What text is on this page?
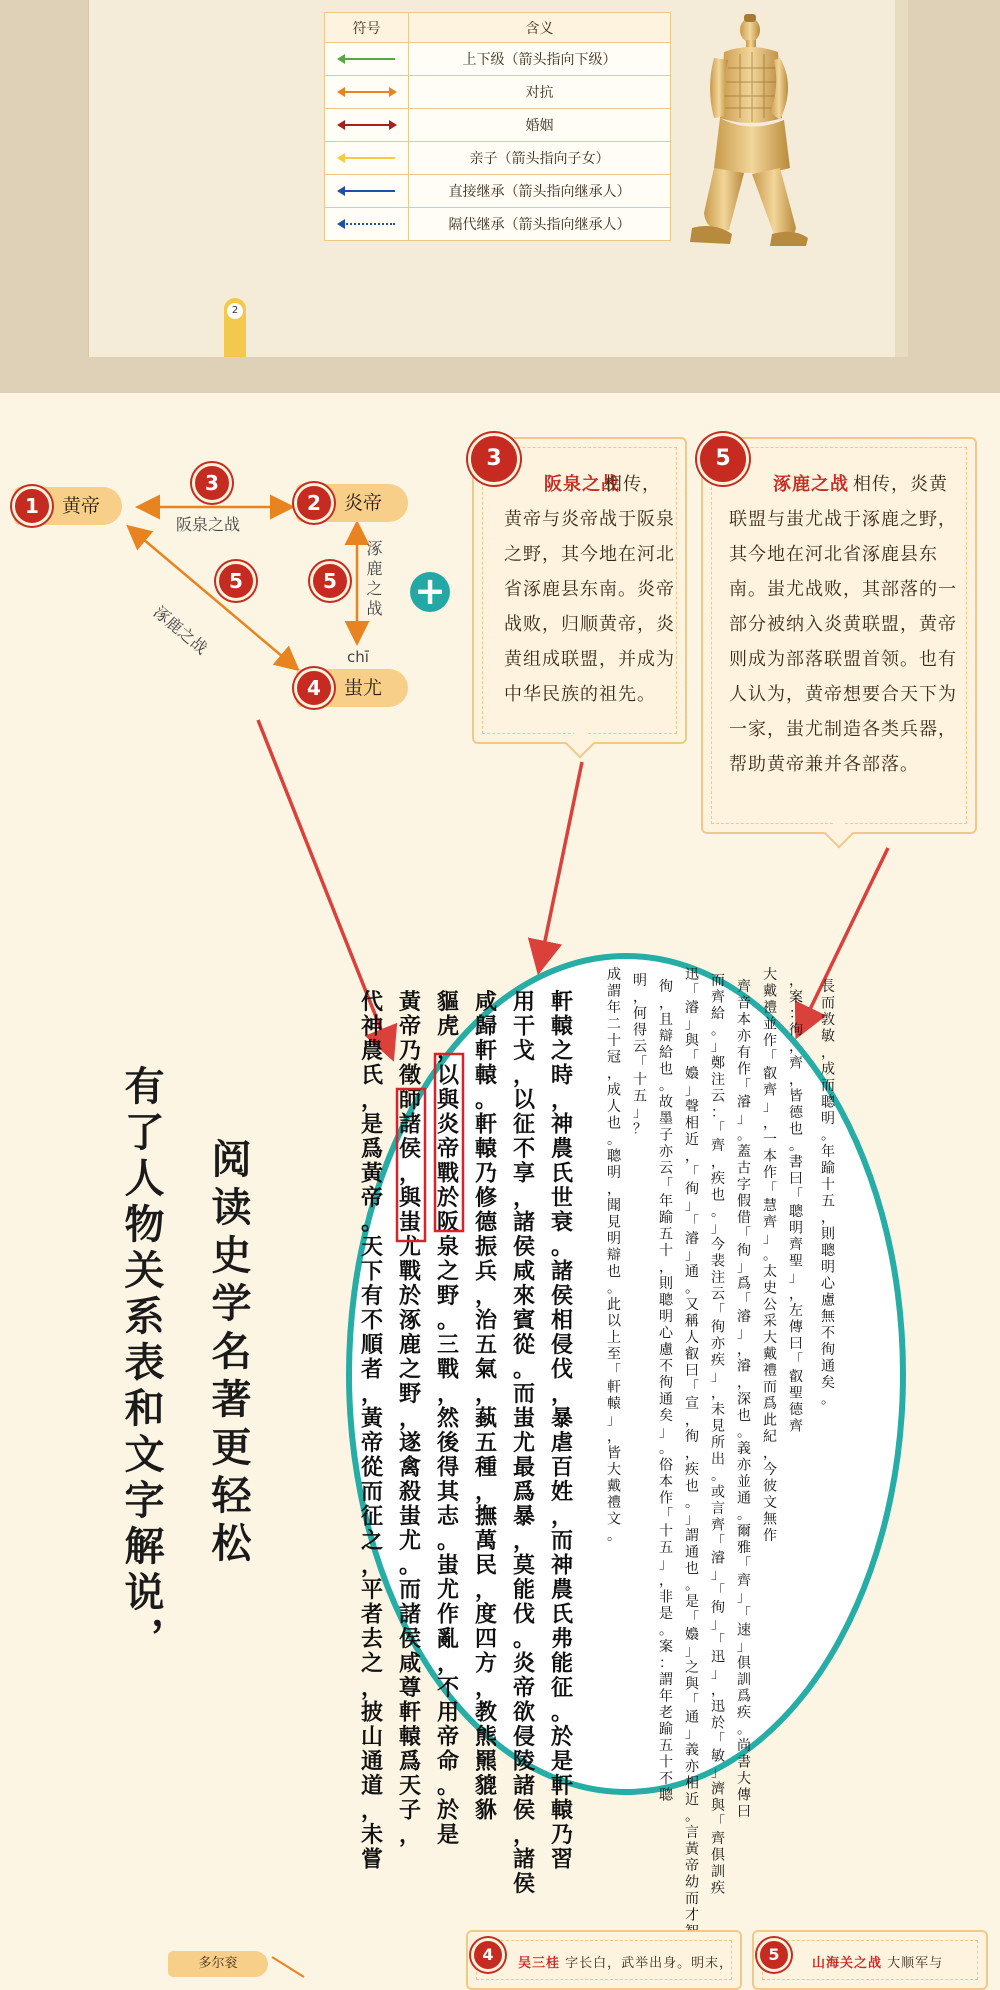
符号	含义

	上下级（箭头指向下级）

	对抗

	婚姻

	亲子（箭头指向子女）

	直接继承（箭头指向继承人）

	隔代继承（箭头指向继承人）
2
1	黄帝	2	炎帝
4	蚩尤
3
阪泉之战
5
涿鹿之战
5	涿鹿之战
chī
+
3

阪泉之战

相传，黄帝与炎帝战于阪泉之野，其今地在河北省涿鹿县东南。炎帝战败，归顺黄帝，炎黄组成联盟，并成为中华民族的祖先。

5

涿鹿之战 相传，炎黄联盟与蚩尤战于涿鹿之野，其今地在河北省涿鹿县东南。蚩尤战败，其部落的一部分被纳入炎黄联盟，黄帝则成为部落联盟首领。也有人认为，黄帝想要合天下为一家，蚩尤制造各类兵器，帮助黄帝兼并各部落。

阅读史学名著更轻松
有了人物关系表和文字解说，
軒
轅
之
時
，
神
農
氏
世
衰
。
諸
侯
相
侵
伐
，
暴
虐
百
姓
，
而
神
農
氏
弗
能
征
。
於
是
軒
轅
乃
習
用
干
戈
，
以
征
不
享
，
諸
侯
咸
來
賓
從
。
而
蚩
尤
最
爲
暴
，
莫
能
伐
。
炎
帝
欲
侵
陵
諸
侯
，
諸
侯
咸
歸
軒
轅
。
軒
轅
乃
修
德
振
兵
，
治
五
氣
，
蓺
五
種
，
撫
萬
民
，
度
四
方
，
教
熊
羆
貔
貅
貙
虎
，
以
與
炎
帝
戰
於
阪
泉
之
野
。
三
戰
，
然
後
得
其
志
。
蚩
尤
作
亂
，
不
用
帝
命
。
於
是
黃
帝
乃
徵
師
諸
侯
，
與
蚩
尤
戰
於
涿
鹿
之
野
，
遂
禽
殺
蚩
尤
。
而
諸
侯
咸
尊
軒
轅
爲
天
子
，
代
神
農
氏
，
是
爲
黃
帝
。
天
下
有
不
順
者
，
黃
帝
從
而
征
之
，
平
者
去
之
，
披
山
通
道
，
未
嘗
成
謂
年
二
十
冠
，
成
人
也
。
聰
明
，
聞
見
明
辯
也
。
此
以
上
至
「
軒
轅
」
，
皆
大
戴
禮
文
。
明
，
何
得
云
「
十
五
」
？
徇
，
且
辯
給
也
。
故
墨
子
亦
云
「
年
踰
五
十
，
則
聰
明
心
慮
不
徇
通
矣
」
。
俗
本
作
「
十
五
」
，
非
是
。
案
：
謂
年
老
踰
五
十
不
聰
迅
「
濬
」
與
「
嬝
」
聲
相
近
，
「
徇
」
「
濬
」
通
。
又
稱
人
叡
曰
「
宣
，
徇
，
疾
也
。
」
謂
通
也
。
是
「
嬝
」
之
與
「
通
」
義
亦
相
近
。
言
黃
帝
幼
而
才
而
齊
給
。
」
鄭
注
云
：
「
齊
，
疾
也
。
」
今
裴
注
云
「
徇
亦
疾
」
，
未
見
所
出
。
或
言
齊
「
濬
」
「
徇
」
「
迅
」
，
迅
於
「
敏
」
濟
與
「
齊
俱
訓
疾
齊
音
本
亦
有
作
「
濬
」
。
蓋
古
字
假
借
「
徇
」
爲
「
濬
」
，
濬
，
深
也
。
義
亦
並
通
。
爾
雅
「
齊
」
「
速
」
俱
訓
爲
疾
。
尚
書
大
傳
曰
大
戴
禮
並
作
「
叡
齊
」
，
一
本
作
「
慧
齊
」
。
太
史
公
采
大
戴
禮
而
爲
此
紀
，
今
彼
文
無
作
，
案
：
徇
，
齊
，
皆
德
也
。
書
曰
「
聰
明
齊
聖
」
，
左
傳
曰
「
叡
聖
德
齊
長
而
敦
敏
，
成
而
聰
明
。
年
踰
十
五
，
則
聰
明
心
慮
無
不
徇
通
矣
。
多尔衮	4	吴三桂 字长白，武举出身。明末，	5	山海关之战 大顺军与
